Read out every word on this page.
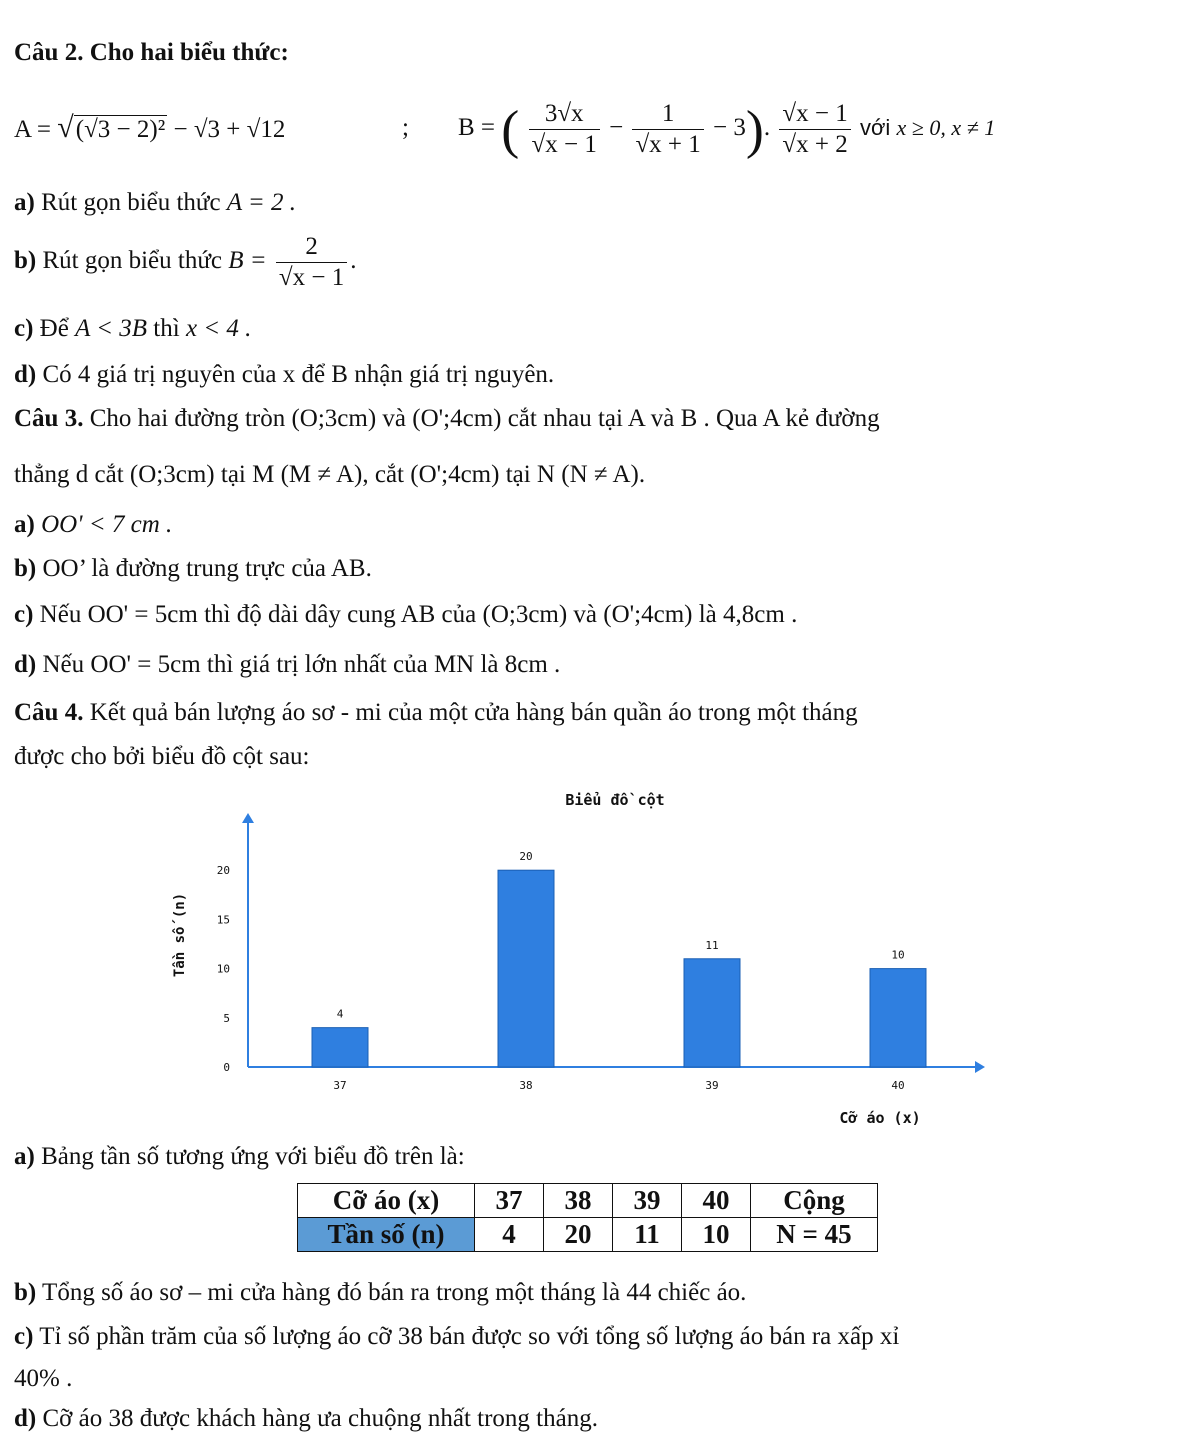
Câu 2. Cho hai biểu thức:
A = √(√3 − 2)² − √3 + √12	; B = ( $\frac{3√x}{√x - 1} - \frac{1}{√x + 1} - 3$). $\frac{√x - 1}{√x + 2}$ với x ≥ 0, x ≠ 1
a) Rút gọn biểu thức A = 2 .
b) Rút gọn biểu thức $B = \frac{2}{√x - 1}$ .
c) Để A < 3B thì x < 4 .
d) Có 4 giá trị nguyên của x để B nhận giá trị nguyên.
Câu 3. Cho hai đường tròn (O;3cm) và (O';4cm) cắt nhau tại A và B . Qua A kẻ đường
thẳng d cắt (O;3cm) tại M (M ≠ A), cắt (O';4cm) tại N (N ≠ A).
a) OO' < 7 cm .
b) OO’ là đường trung trực của AB.
c) Nếu OO' = 5cm thì độ dài dây cung AB của (O;3cm) và (O';4cm) là 4,8cm .
d) Nếu OO' = 5cm thì giá trị lớn nhất của MN là 8cm .
Câu 4. Kết quả bán lượng áo sơ - mi của một cửa hàng bán quần áo trong một tháng
được cho bởi biểu đồ cột sau:
Biểu đồ cột
0
5
10
15
20
4
37
20
38
11
39
10
40
Cỡ áo (x)
Tần số (n)
a) Bảng tần số tương ứng với biểu đồ trên là:
Cỡ áo (x)	37	38	39	40	Cộng
Tần số (n)	4	20	11	10	N = 45
b) Tổng số áo sơ – mi cửa hàng đó bán ra trong một tháng là 44 chiếc áo.
c) Tỉ số phần trăm của số lượng áo cỡ 38 bán được so với tổng số lượng áo bán ra xấp xỉ
40% .
d) Cỡ áo 38 được khách hàng ưa chuộng nhất trong tháng.
